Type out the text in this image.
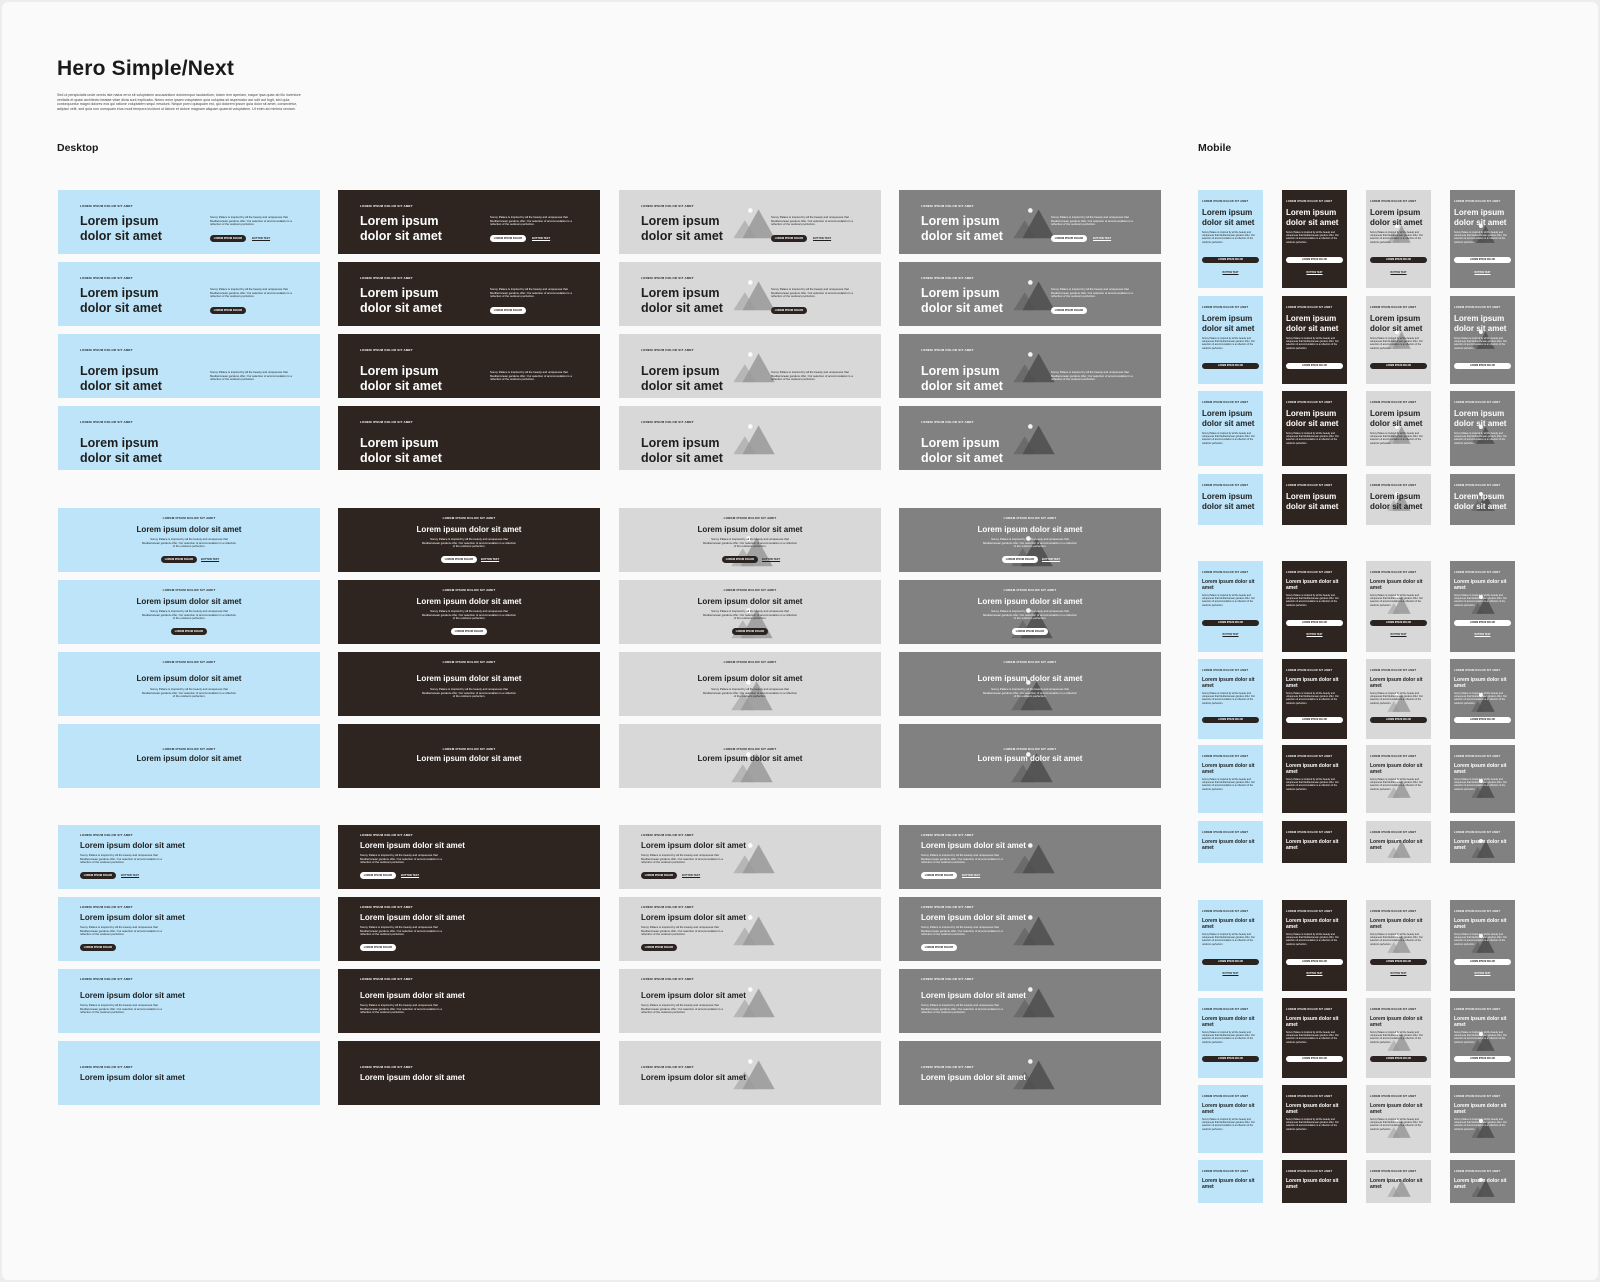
Hero Simple/Next

Sed ut perspiciatis unde omnis iste natus error sit voluptatem accusantium doloremque laudantium, totam rem aperiam, eaque ipsa quae ab illo inventore veritatis et quasi architecto beatae vitae dicta sunt explicabo. Nemo enim ipsam voluptatem quia voluptas sit aspernatur aut odit aut fugit, sed quia consequuntur magni dolores eos qui ratione voluptatem sequi nesciunt. Neque porro quisquam est, qui dolorem ipsum quia dolor sit amet, consectetur, adipisci velit, sed quia non numquam eius modi tempora incidunt ut labore et dolore magnam aliquam quaerat voluptatem. Ut enim ad minima veniam.

Desktop	Mobile
LOREM IPSUM DOLOR SIT AMET
Lorem ipsum dolor sit amet

Sonoy Palace is inspired by all the beauty and uniqueness that Mediterranean gardens offer. Our selection of accommodation is a reflection of the outdoors perfection.

LOREM IPSUM DOLOR	BUTTON TEXT
LOREM IPSUM DOLOR SIT AMET
Lorem ipsum dolor sit amet

Sonoy Palace is inspired by all the beauty and uniqueness that Mediterranean gardens offer. Our selection of accommodation is a reflection of the outdoors perfection.

LOREM IPSUM DOLOR	BUTTON TEXT
LOREM IPSUM DOLOR SIT AMET
Lorem ipsum dolor sit amet

Sonoy Palace is inspired by all the beauty and uniqueness that Mediterranean gardens offer. Our selection of accommodation is a reflection of the outdoors perfection.

LOREM IPSUM DOLOR	BUTTON TEXT
LOREM IPSUM DOLOR SIT AMET
Lorem ipsum dolor sit amet

Sonoy Palace is inspired by all the beauty and uniqueness that Mediterranean gardens offer. Our selection of accommodation is a reflection of the outdoors perfection.

LOREM IPSUM DOLOR	BUTTON TEXT
LOREM IPSUM DOLOR SIT AMET
Lorem ipsum dolor sit amet

Sonoy Palace is inspired by all the beauty and uniqueness that Mediterranean gardens offer. Our selection of accommodation is a reflection of the outdoors perfection.

LOREM IPSUM DOLOR
LOREM IPSUM DOLOR SIT AMET
Lorem ipsum dolor sit amet

Sonoy Palace is inspired by all the beauty and uniqueness that Mediterranean gardens offer. Our selection of accommodation is a reflection of the outdoors perfection.

LOREM IPSUM DOLOR
LOREM IPSUM DOLOR SIT AMET
Lorem ipsum dolor sit amet

Sonoy Palace is inspired by all the beauty and uniqueness that Mediterranean gardens offer. Our selection of accommodation is a reflection of the outdoors perfection.

LOREM IPSUM DOLOR
LOREM IPSUM DOLOR SIT AMET
Lorem ipsum dolor sit amet

Sonoy Palace is inspired by all the beauty and uniqueness that Mediterranean gardens offer. Our selection of accommodation is a reflection of the outdoors perfection.

LOREM IPSUM DOLOR
LOREM IPSUM DOLOR SIT AMET
Lorem ipsum dolor sit amet

Sonoy Palace is inspired by all the beauty and uniqueness that Mediterranean gardens offer. Our selection of accommodation is a reflection of the outdoors perfection.

LOREM IPSUM DOLOR SIT AMET
Lorem ipsum dolor sit amet

Sonoy Palace is inspired by all the beauty and uniqueness that Mediterranean gardens offer. Our selection of accommodation is a reflection of the outdoors perfection.

LOREM IPSUM DOLOR SIT AMET
Lorem ipsum dolor sit amet

Sonoy Palace is inspired by all the beauty and uniqueness that Mediterranean gardens offer. Our selection of accommodation is a reflection of the outdoors perfection.

LOREM IPSUM DOLOR SIT AMET
Lorem ipsum dolor sit amet

Sonoy Palace is inspired by all the beauty and uniqueness that Mediterranean gardens offer. Our selection of accommodation is a reflection of the outdoors perfection.

LOREM IPSUM DOLOR SIT AMET
Lorem ipsum dolor sit amet
LOREM IPSUM DOLOR SIT AMET
Lorem ipsum dolor sit amet
LOREM IPSUM DOLOR SIT AMET
Lorem ipsum dolor sit amet
LOREM IPSUM DOLOR SIT AMET
Lorem ipsum dolor sit amet
LOREM IPSUM DOLOR SIT AMET
Lorem ipsum dolor sit amet

Sonoy Palace is inspired by all the beauty and uniqueness that Mediterranean gardens offer. Our selection of accommodation is a reflection of the outdoors perfection.

LOREM IPSUM DOLOR	BUTTON TEXT
LOREM IPSUM DOLOR SIT AMET
Lorem ipsum dolor sit amet

Sonoy Palace is inspired by all the beauty and uniqueness that Mediterranean gardens offer. Our selection of accommodation is a reflection of the outdoors perfection.

LOREM IPSUM DOLOR	BUTTON TEXT
LOREM IPSUM DOLOR SIT AMET
Lorem ipsum dolor sit amet

Sonoy Palace is inspired by all the beauty and uniqueness that Mediterranean gardens offer. Our selection of accommodation is a reflection of the outdoors perfection.

LOREM IPSUM DOLOR	BUTTON TEXT
LOREM IPSUM DOLOR SIT AMET
Lorem ipsum dolor sit amet

Sonoy Palace is inspired by all the beauty and uniqueness that Mediterranean gardens offer. Our selection of accommodation is a reflection of the outdoors perfection.

LOREM IPSUM DOLOR	BUTTON TEXT
LOREM IPSUM DOLOR SIT AMET
Lorem ipsum dolor sit amet

Sonoy Palace is inspired by all the beauty and uniqueness that Mediterranean gardens offer. Our selection of accommodation is a reflection of the outdoors perfection.

LOREM IPSUM DOLOR
LOREM IPSUM DOLOR SIT AMET
Lorem ipsum dolor sit amet

Sonoy Palace is inspired by all the beauty and uniqueness that Mediterranean gardens offer. Our selection of accommodation is a reflection of the outdoors perfection.

LOREM IPSUM DOLOR
LOREM IPSUM DOLOR SIT AMET
Lorem ipsum dolor sit amet

Sonoy Palace is inspired by all the beauty and uniqueness that Mediterranean gardens offer. Our selection of accommodation is a reflection of the outdoors perfection.

LOREM IPSUM DOLOR
LOREM IPSUM DOLOR SIT AMET
Lorem ipsum dolor sit amet

Sonoy Palace is inspired by all the beauty and uniqueness that Mediterranean gardens offer. Our selection of accommodation is a reflection of the outdoors perfection.

LOREM IPSUM DOLOR
LOREM IPSUM DOLOR SIT AMET
Lorem ipsum dolor sit amet

Sonoy Palace is inspired by all the beauty and uniqueness that Mediterranean gardens offer. Our selection of accommodation is a reflection of the outdoors perfection.

LOREM IPSUM DOLOR SIT AMET
Lorem ipsum dolor sit amet

Sonoy Palace is inspired by all the beauty and uniqueness that Mediterranean gardens offer. Our selection of accommodation is a reflection of the outdoors perfection.

LOREM IPSUM DOLOR SIT AMET
Lorem ipsum dolor sit amet

Sonoy Palace is inspired by all the beauty and uniqueness that Mediterranean gardens offer. Our selection of accommodation is a reflection of the outdoors perfection.

LOREM IPSUM DOLOR SIT AMET
Lorem ipsum dolor sit amet

Sonoy Palace is inspired by all the beauty and uniqueness that Mediterranean gardens offer. Our selection of accommodation is a reflection of the outdoors perfection.

LOREM IPSUM DOLOR SIT AMET
Lorem ipsum dolor sit amet
LOREM IPSUM DOLOR SIT AMET
Lorem ipsum dolor sit amet
LOREM IPSUM DOLOR SIT AMET
Lorem ipsum dolor sit amet
LOREM IPSUM DOLOR SIT AMET
Lorem ipsum dolor sit amet
LOREM IPSUM DOLOR SIT AMET
Lorem ipsum dolor sit amet

Sonoy Palace is inspired by all the beauty and uniqueness that Mediterranean gardens offer. Our selection of accommodation is a reflection of the outdoors perfection.

LOREM IPSUM DOLOR	BUTTON TEXT
LOREM IPSUM DOLOR SIT AMET
Lorem ipsum dolor sit amet

Sonoy Palace is inspired by all the beauty and uniqueness that Mediterranean gardens offer. Our selection of accommodation is a reflection of the outdoors perfection.

LOREM IPSUM DOLOR	BUTTON TEXT
LOREM IPSUM DOLOR SIT AMET
Lorem ipsum dolor sit amet

Sonoy Palace is inspired by all the beauty and uniqueness that Mediterranean gardens offer. Our selection of accommodation is a reflection of the outdoors perfection.

LOREM IPSUM DOLOR	BUTTON TEXT
LOREM IPSUM DOLOR SIT AMET
Lorem ipsum dolor sit amet

Sonoy Palace is inspired by all the beauty and uniqueness that Mediterranean gardens offer. Our selection of accommodation is a reflection of the outdoors perfection.

LOREM IPSUM DOLOR	BUTTON TEXT
LOREM IPSUM DOLOR SIT AMET
Lorem ipsum dolor sit amet

Sonoy Palace is inspired by all the beauty and uniqueness that Mediterranean gardens offer. Our selection of accommodation is a reflection of the outdoors perfection.

LOREM IPSUM DOLOR
LOREM IPSUM DOLOR SIT AMET
Lorem ipsum dolor sit amet

Sonoy Palace is inspired by all the beauty and uniqueness that Mediterranean gardens offer. Our selection of accommodation is a reflection of the outdoors perfection.

LOREM IPSUM DOLOR
LOREM IPSUM DOLOR SIT AMET
Lorem ipsum dolor sit amet

Sonoy Palace is inspired by all the beauty and uniqueness that Mediterranean gardens offer. Our selection of accommodation is a reflection of the outdoors perfection.

LOREM IPSUM DOLOR
LOREM IPSUM DOLOR SIT AMET
Lorem ipsum dolor sit amet

Sonoy Palace is inspired by all the beauty and uniqueness that Mediterranean gardens offer. Our selection of accommodation is a reflection of the outdoors perfection.

LOREM IPSUM DOLOR
LOREM IPSUM DOLOR SIT AMET
Lorem ipsum dolor sit amet

Sonoy Palace is inspired by all the beauty and uniqueness that Mediterranean gardens offer. Our selection of accommodation is a reflection of the outdoors perfection.

LOREM IPSUM DOLOR SIT AMET
Lorem ipsum dolor sit amet

Sonoy Palace is inspired by all the beauty and uniqueness that Mediterranean gardens offer. Our selection of accommodation is a reflection of the outdoors perfection.

LOREM IPSUM DOLOR SIT AMET
Lorem ipsum dolor sit amet

Sonoy Palace is inspired by all the beauty and uniqueness that Mediterranean gardens offer. Our selection of accommodation is a reflection of the outdoors perfection.

LOREM IPSUM DOLOR SIT AMET
Lorem ipsum dolor sit amet

Sonoy Palace is inspired by all the beauty and uniqueness that Mediterranean gardens offer. Our selection of accommodation is a reflection of the outdoors perfection.

LOREM IPSUM DOLOR SIT AMET
Lorem ipsum dolor sit amet
LOREM IPSUM DOLOR SIT AMET
Lorem ipsum dolor sit amet
LOREM IPSUM DOLOR SIT AMET
Lorem ipsum dolor sit amet
LOREM IPSUM DOLOR SIT AMET
Lorem ipsum dolor sit amet
LOREM IPSUM DOLOR SIT AMET
Lorem ipsum dolor sit amet

Sonoy Palace is inspired by all the beauty and uniqueness that Mediterranean gardens offer. Our selection of accommodation is a reflection of the outdoors perfection.

LOREM IPSUM DOLOR
BUTTON TEXT
LOREM IPSUM DOLOR SIT AMET
Lorem ipsum dolor sit amet

Sonoy Palace is inspired by all the beauty and uniqueness that Mediterranean gardens offer. Our selection of accommodation is a reflection of the outdoors perfection.

LOREM IPSUM DOLOR
BUTTON TEXT
LOREM IPSUM DOLOR SIT AMET
Lorem ipsum dolor sit amet

Sonoy Palace is inspired by all the beauty and uniqueness that Mediterranean gardens offer. Our selection of accommodation is a reflection of the outdoors perfection.

LOREM IPSUM DOLOR
BUTTON TEXT
LOREM IPSUM DOLOR SIT AMET
Lorem ipsum dolor sit amet

Sonoy Palace is inspired by all the beauty and uniqueness that Mediterranean gardens offer. Our selection of accommodation is a reflection of the outdoors perfection.

LOREM IPSUM DOLOR
BUTTON TEXT
LOREM IPSUM DOLOR SIT AMET
Lorem ipsum dolor sit amet

Sonoy Palace is inspired by all the beauty and uniqueness that Mediterranean gardens offer. Our selection of accommodation is a reflection of the outdoors perfection.

LOREM IPSUM DOLOR
LOREM IPSUM DOLOR SIT AMET
Lorem ipsum dolor sit amet

Sonoy Palace is inspired by all the beauty and uniqueness that Mediterranean gardens offer. Our selection of accommodation is a reflection of the outdoors perfection.

LOREM IPSUM DOLOR
LOREM IPSUM DOLOR SIT AMET
Lorem ipsum dolor sit amet

Sonoy Palace is inspired by all the beauty and uniqueness that Mediterranean gardens offer. Our selection of accommodation is a reflection of the outdoors perfection.

LOREM IPSUM DOLOR
LOREM IPSUM DOLOR SIT AMET
Lorem ipsum dolor sit amet

Sonoy Palace is inspired by all the beauty and uniqueness that Mediterranean gardens offer. Our selection of accommodation is a reflection of the outdoors perfection.

LOREM IPSUM DOLOR
LOREM IPSUM DOLOR SIT AMET
Lorem ipsum dolor sit amet

Sonoy Palace is inspired by all the beauty and uniqueness that Mediterranean gardens offer. Our selection of accommodation is a reflection of the outdoors perfection.

LOREM IPSUM DOLOR SIT AMET
Lorem ipsum dolor sit amet

Sonoy Palace is inspired by all the beauty and uniqueness that Mediterranean gardens offer. Our selection of accommodation is a reflection of the outdoors perfection.

LOREM IPSUM DOLOR SIT AMET
Lorem ipsum dolor sit amet

Sonoy Palace is inspired by all the beauty and uniqueness that Mediterranean gardens offer. Our selection of accommodation is a reflection of the outdoors perfection.

LOREM IPSUM DOLOR SIT AMET
Lorem ipsum dolor sit amet

Sonoy Palace is inspired by all the beauty and uniqueness that Mediterranean gardens offer. Our selection of accommodation is a reflection of the outdoors perfection.

LOREM IPSUM DOLOR SIT AMET
Lorem ipsum dolor sit amet
LOREM IPSUM DOLOR SIT AMET
Lorem ipsum dolor sit amet
LOREM IPSUM DOLOR SIT AMET
Lorem ipsum dolor sit amet
LOREM IPSUM DOLOR SIT AMET
Lorem ipsum dolor sit amet
LOREM IPSUM DOLOR SIT AMET
Lorem ipsum dolor sit amet

Sonoy Palace is inspired by all the beauty and uniqueness that Mediterranean gardens offer. Our selection of accommodation is a reflection of the outdoors perfection.

LOREM IPSUM DOLOR
BUTTON TEXT
LOREM IPSUM DOLOR SIT AMET
Lorem ipsum dolor sit amet

Sonoy Palace is inspired by all the beauty and uniqueness that Mediterranean gardens offer. Our selection of accommodation is a reflection of the outdoors perfection.

LOREM IPSUM DOLOR
BUTTON TEXT
LOREM IPSUM DOLOR SIT AMET
Lorem ipsum dolor sit amet

Sonoy Palace is inspired by all the beauty and uniqueness that Mediterranean gardens offer. Our selection of accommodation is a reflection of the outdoors perfection.

LOREM IPSUM DOLOR
BUTTON TEXT
LOREM IPSUM DOLOR SIT AMET
Lorem ipsum dolor sit amet

Sonoy Palace is inspired by all the beauty and uniqueness that Mediterranean gardens offer. Our selection of accommodation is a reflection of the outdoors perfection.

LOREM IPSUM DOLOR
BUTTON TEXT
LOREM IPSUM DOLOR SIT AMET
Lorem ipsum dolor sit amet

Sonoy Palace is inspired by all the beauty and uniqueness that Mediterranean gardens offer. Our selection of accommodation is a reflection of the outdoors perfection.

LOREM IPSUM DOLOR
LOREM IPSUM DOLOR SIT AMET
Lorem ipsum dolor sit amet

Sonoy Palace is inspired by all the beauty and uniqueness that Mediterranean gardens offer. Our selection of accommodation is a reflection of the outdoors perfection.

LOREM IPSUM DOLOR
LOREM IPSUM DOLOR SIT AMET
Lorem ipsum dolor sit amet

Sonoy Palace is inspired by all the beauty and uniqueness that Mediterranean gardens offer. Our selection of accommodation is a reflection of the outdoors perfection.

LOREM IPSUM DOLOR
LOREM IPSUM DOLOR SIT AMET
Lorem ipsum dolor sit amet

Sonoy Palace is inspired by all the beauty and uniqueness that Mediterranean gardens offer. Our selection of accommodation is a reflection of the outdoors perfection.

LOREM IPSUM DOLOR
LOREM IPSUM DOLOR SIT AMET
Lorem ipsum dolor sit amet

Sonoy Palace is inspired by all the beauty and uniqueness that Mediterranean gardens offer. Our selection of accommodation is a reflection of the outdoors perfection.

LOREM IPSUM DOLOR SIT AMET
Lorem ipsum dolor sit amet

Sonoy Palace is inspired by all the beauty and uniqueness that Mediterranean gardens offer. Our selection of accommodation is a reflection of the outdoors perfection.

LOREM IPSUM DOLOR SIT AMET
Lorem ipsum dolor sit amet

Sonoy Palace is inspired by all the beauty and uniqueness that Mediterranean gardens offer. Our selection of accommodation is a reflection of the outdoors perfection.

LOREM IPSUM DOLOR SIT AMET
Lorem ipsum dolor sit amet

Sonoy Palace is inspired by all the beauty and uniqueness that Mediterranean gardens offer. Our selection of accommodation is a reflection of the outdoors perfection.

LOREM IPSUM DOLOR SIT AMET
Lorem ipsum dolor sit amet
LOREM IPSUM DOLOR SIT AMET
Lorem ipsum dolor sit amet
LOREM IPSUM DOLOR SIT AMET
Lorem ipsum dolor sit amet
LOREM IPSUM DOLOR SIT AMET
Lorem ipsum dolor sit amet
LOREM IPSUM DOLOR SIT AMET
Lorem ipsum dolor sit amet

Sonoy Palace is inspired by all the beauty and uniqueness that Mediterranean gardens offer. Our selection of accommodation is a reflection of the outdoors perfection.

LOREM IPSUM DOLOR
BUTTON TEXT
LOREM IPSUM DOLOR SIT AMET
Lorem ipsum dolor sit amet

Sonoy Palace is inspired by all the beauty and uniqueness that Mediterranean gardens offer. Our selection of accommodation is a reflection of the outdoors perfection.

LOREM IPSUM DOLOR
BUTTON TEXT
LOREM IPSUM DOLOR SIT AMET
Lorem ipsum dolor sit amet

Sonoy Palace is inspired by all the beauty and uniqueness that Mediterranean gardens offer. Our selection of accommodation is a reflection of the outdoors perfection.

LOREM IPSUM DOLOR
BUTTON TEXT
LOREM IPSUM DOLOR SIT AMET
Lorem ipsum dolor sit amet

Sonoy Palace is inspired by all the beauty and uniqueness that Mediterranean gardens offer. Our selection of accommodation is a reflection of the outdoors perfection.

LOREM IPSUM DOLOR
BUTTON TEXT
LOREM IPSUM DOLOR SIT AMET
Lorem ipsum dolor sit amet

Sonoy Palace is inspired by all the beauty and uniqueness that Mediterranean gardens offer. Our selection of accommodation is a reflection of the outdoors perfection.

LOREM IPSUM DOLOR
LOREM IPSUM DOLOR SIT AMET
Lorem ipsum dolor sit amet

Sonoy Palace is inspired by all the beauty and uniqueness that Mediterranean gardens offer. Our selection of accommodation is a reflection of the outdoors perfection.

LOREM IPSUM DOLOR
LOREM IPSUM DOLOR SIT AMET
Lorem ipsum dolor sit amet

Sonoy Palace is inspired by all the beauty and uniqueness that Mediterranean gardens offer. Our selection of accommodation is a reflection of the outdoors perfection.

LOREM IPSUM DOLOR
LOREM IPSUM DOLOR SIT AMET
Lorem ipsum dolor sit amet

Sonoy Palace is inspired by all the beauty and uniqueness that Mediterranean gardens offer. Our selection of accommodation is a reflection of the outdoors perfection.

LOREM IPSUM DOLOR
LOREM IPSUM DOLOR SIT AMET
Lorem ipsum dolor sit amet

Sonoy Palace is inspired by all the beauty and uniqueness that Mediterranean gardens offer. Our selection of accommodation is a reflection of the outdoors perfection.

LOREM IPSUM DOLOR SIT AMET
Lorem ipsum dolor sit amet

Sonoy Palace is inspired by all the beauty and uniqueness that Mediterranean gardens offer. Our selection of accommodation is a reflection of the outdoors perfection.

LOREM IPSUM DOLOR SIT AMET
Lorem ipsum dolor sit amet

Sonoy Palace is inspired by all the beauty and uniqueness that Mediterranean gardens offer. Our selection of accommodation is a reflection of the outdoors perfection.

LOREM IPSUM DOLOR SIT AMET
Lorem ipsum dolor sit amet

Sonoy Palace is inspired by all the beauty and uniqueness that Mediterranean gardens offer. Our selection of accommodation is a reflection of the outdoors perfection.

LOREM IPSUM DOLOR SIT AMET
Lorem ipsum dolor sit amet
LOREM IPSUM DOLOR SIT AMET
Lorem ipsum dolor sit amet
LOREM IPSUM DOLOR SIT AMET
Lorem ipsum dolor sit amet
LOREM IPSUM DOLOR SIT AMET
Lorem ipsum dolor sit amet
